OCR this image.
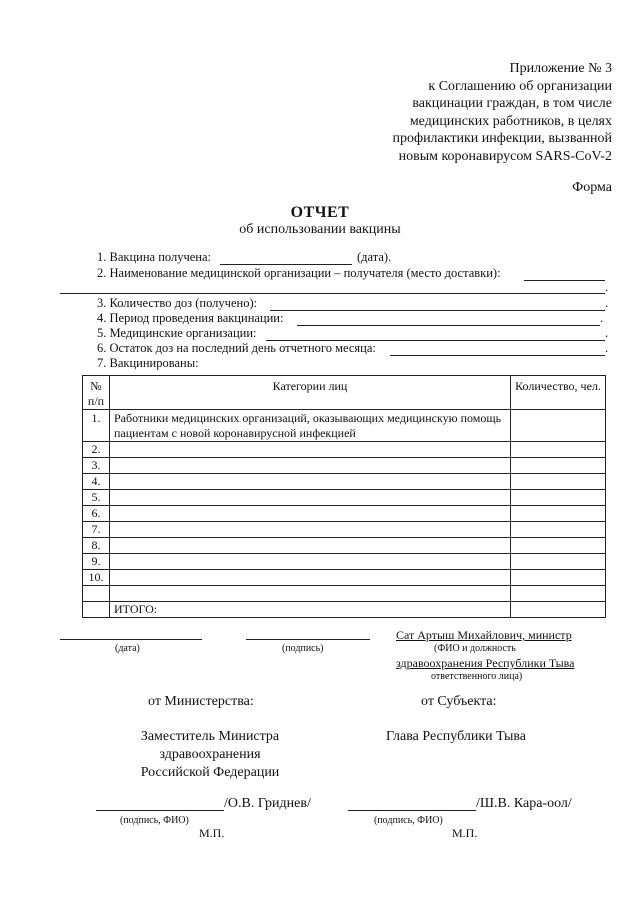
Приложение № 3
к Соглашению об организации
вакцинации граждан, в том числе
медицинских работников, в целях
профилактики инфекции, вызванной
новым коронавирусом SARS-CoV-2
Форма
ОТЧЕТ
об использовании вакцины
1. Вакцина получена:	(дата).
2. Наименование медицинской организации – получателя (место доставки):
.
3. Количество доз (получено):	.
4. Период проведения вакцинации:	.
5. Медицинские организации:	.
6. Остаток доз на последний день отчетного месяца:	.
7. Вакцинированы:
№ п/п	Категории лиц	Количество, чел.
1.	Работники медицинских организаций, оказывающих медицинскую помощь пациентам с новой коронавирусной инфекцией	
2.		
3.		
4.		
5.		
6.		
7.		
8.		
9.		
10.		

	ИТОГО:	
(дата)	(подпись)
Сат Артыш Михайлович, министр
(ФИО и должность
здравоохранения Республики Тыва
ответственного лица)
от Министерства:	от Субъекта:
Заместитель Министра
здравоохранения
Российской Федерации
Глава Республики Тыва
/О.В. Гриднев/
(подпись, ФИО)
М.П.
/Ш.В. Кара-оол/
(подпись, ФИО)
М.П.
